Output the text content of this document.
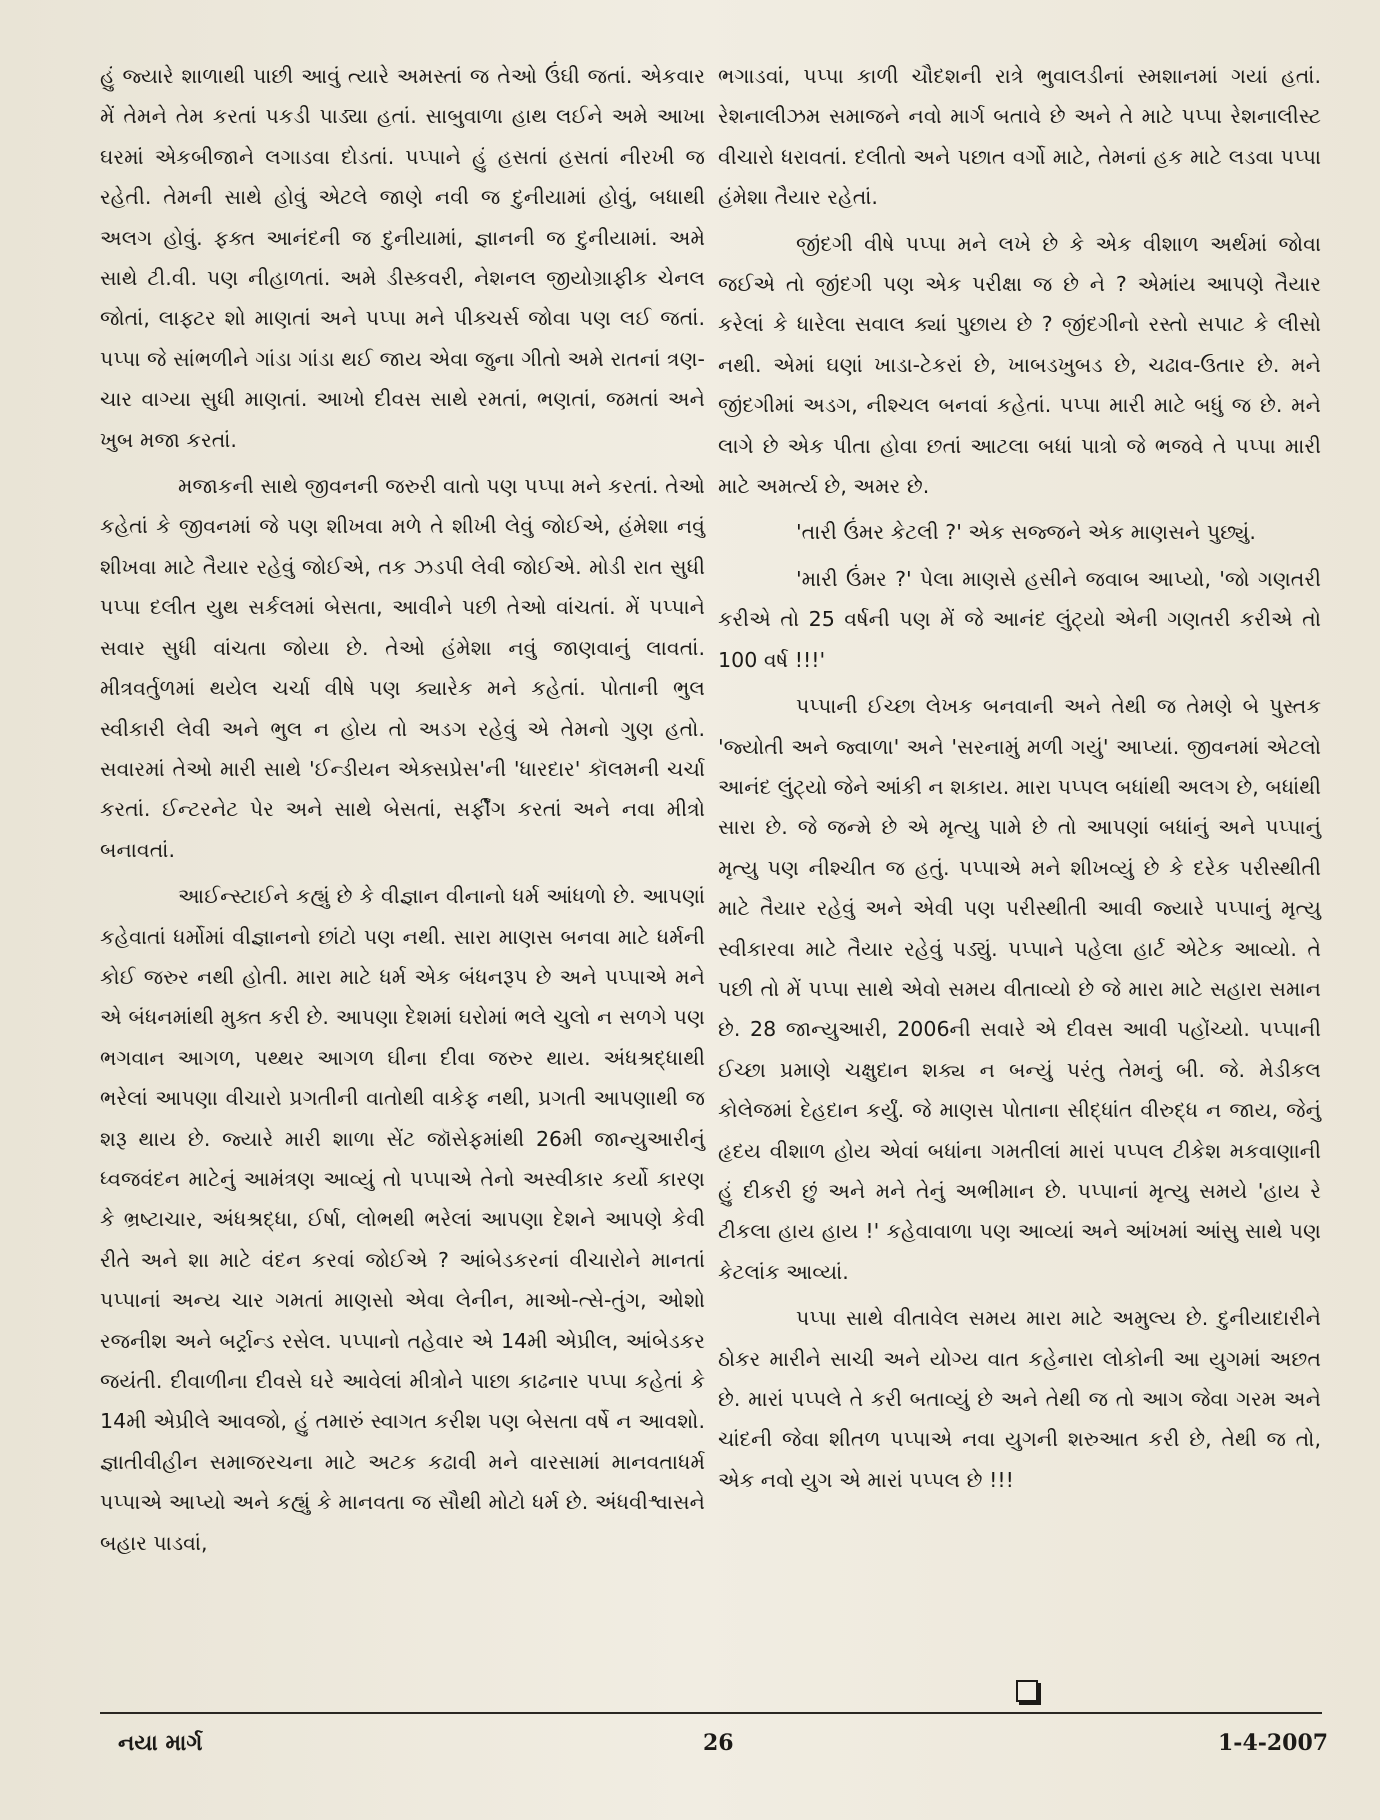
હું જ્યારે શાળાથી પાછી આવું ત્યારે અમસ્તાં જ તેઓ ઉંઘી જતાં. એકવાર મેં તેમને તેમ કરતાં પકડી પાડ્યા હતાં. સાબુવાળા હાથ લઈને અમે આખા ઘરમાં એકબીજાને લગાડવા દોડતાં. પપ્પાને હું હસતાં હસતાં નીરખી જ રહેતી. તેમની સાથે હોવું એટલે જાણે નવી જ દુનીયામાં હોવું, બધાથી અલગ હોવું. ફક્ત આનંદની જ દુનીયામાં, જ્ઞાનની જ દુનીયામાં. અમે સાથે ટી.વી. પણ નીહાળતાં. અમે ડીસ્કવરી, નેશનલ જીયોગ્રાફીક ચેનલ જોતાં, લાફ્ટર શો માણતાં અને પપ્પા મને પીક્ચર્સ જોવા પણ લઈ જતાં. પપ્પા જે સાંભળીને ગાંડા ગાંડા થઈ જાય એવા જુના ગીતો અમે રાતનાં ત્રણ-ચાર વાગ્યા સુધી માણતાં. આખો દીવસ સાથે રમતાં, ભણતાં, જમતાં અને ખુબ મજા કરતાં.

મજાકની સાથે જીવનની જરુરી વાતો પણ પપ્પા મને કરતાં. તેઓ કહેતાં કે જીવનમાં જે પણ શીખવા મળે તે શીખી લેવું જોઈએ, હંમેશા નવું શીખવા માટે તૈયાર રહેવું જોઈએ, તક ઝડપી લેવી જોઈએ. મોડી રાત સુધી પપ્પા દલીત યુથ સર્કલમાં બેસતા, આવીને પછી તેઓ વાંચતાં. મેં પપ્પાને સવાર સુધી વાંચતા જોયા છે. તેઓ હંમેશા નવું જાણવાનું લાવતાં. મીત્રવર્તુળમાં થયેલ ચર્ચા વીષે પણ ક્યારેક મને કહેતાં. પોતાની ભુલ સ્વીકારી લેવી અને ભુલ ન હોય તો અડગ રહેવું એ તેમનો ગુણ હતો. સવારમાં તેઓ મારી સાથે 'ઈન્ડીયન એક્સપ્રેસ'ની 'ધારદાર' કૉલમની ચર્ચા કરતાં. ઈન્ટરનેટ પેર અને સાથે બેસતાં, સર્ફીંગ કરતાં અને નવા મીત્રો બનાવતાં.

આઈન્સ્ટાઈને કહ્યું છે કે વીજ્ઞાન વીનાનો ધર્મ આંધળો છે. આપણાં કહેવાતાં ધર્મોમાં વીજ્ઞાનનો છાંટો પણ નથી. સારા માણસ બનવા માટે ધર્મની કોઈ જરુર નથી હોતી. મારા માટે ધર્મ એક બંધનરૂપ છે અને પપ્પાએ મને એ બંધનમાંથી મુક્ત કરી છે. આપણા દેશમાં ઘરોમાં ભલે ચુલો ન સળગે પણ ભગવાન આગળ, પથ્થર આગળ ઘીના દીવા જરુર થાય. અંધશ્રદ્ધાથી ભરેલાં આપણા વીચારો પ્રગતીની વાતોથી વાકેફ નથી, પ્રગતી આપણાથી જ શરૂ થાય છે. જ્યારે મારી શાળા સેંટ જૉસેફમાંથી 26મી જાન્યુઆરીનું ધ્વજવંદન માટેનું આમંત્રણ આવ્યું તો પપ્પાએ તેનો અસ્વીકાર કર્યો કારણ કે ભ્રષ્ટાચાર, અંધશ્રદ્ધા, ઈર્ષા, લોભથી ભરેલાં આપણા દેશને આપણે કેવી રીતે અને શા માટે વંદન કરવાં જોઈએ ? આંબેડકરનાં વીચારોને માનતાં પપ્પાનાં અન્ય ચાર ગમતાં માણસો એવા લેનીન, માઓ-ત્સે-તુંગ, ઓશો રજનીશ અને બર્ટ્રાન્ડ રસેલ. પપ્પાનો તહેવાર એ 14મી એપ્રીલ, આંબેડકર જયંતી. દીવાળીના દીવસે ઘરે આવેલાં મીત્રોને પાછા કાઢનાર પપ્પા કહેતાં કે 14મી એપ્રીલે આવજો, હું તમારું સ્વાગત કરીશ પણ બેસતા વર્ષે ન આવશો. જ્ઞાતીવીહીન સમાજરચના માટે અટક કઢાવી મને વારસામાં માનવતાધર્મ પપ્પાએ આપ્યો અને કહ્યું કે માનવતા જ સૌથી મોટો ધર્મ છે. અંધવીશ્વાસને બહાર પાડવાં,

ભગાડવાં, પપ્પા કાળી ચૌદશની રાત્રે ભુવાલડીનાં સ્મશાનમાં ગયાં હતાં. રેશનાલીઝમ સમાજને નવો માર્ગ બતાવે છે અને તે માટે પપ્પા રેશનાલીસ્ટ વીચારો ધરાવતાં. દલીતો અને પછાત વર્ગો માટે, તેમનાં હક માટે લડવા પપ્પા હંમેશા તૈયાર રહેતાં.

જીંદગી વીષે પપ્પા મને લખે છે કે એક વીશાળ અર્થમાં જોવા જઈએ તો જીંદગી પણ એક પરીક્ષા જ છે ને ? એમાંય આપણે તૈયાર કરેલાં કે ધારેલા સવાલ ક્યાં પુછાય છે ? જીંદગીનો રસ્તો સપાટ કે લીસો નથી. એમાં ઘણાં ખાડા-ટેકરાં છે, ખાબડખુબડ છે, ચઢાવ-ઉતાર છે. મને જીંદગીમાં અડગ, નીશ્ચલ બનવાં કહેતાં. પપ્પા મારી માટે બધું જ છે. મને લાગે છે એક પીતા હોવા છતાં આટલા બધાં પાત્રો જે ભજવે તે પપ્પા મારી માટે અમર્ત્ય છે, અમર છે.

'તારી ઉંમર કેટલી ?' એક સજ્જને એક માણસને પુછ્યું.

'મારી ઉંમર ?' પેલા માણસે હસીને જવાબ આપ્યો, 'જો ગણતરી કરીએ તો 25 વર્ષની પણ મેં જે આનંદ લુંટ્યો એની ગણતરી કરીએ તો 100 વર્ષ !!!'

પપ્પાની ઈચ્છા લેખક બનવાની અને તેથી જ તેમણે બે પુસ્તક 'જ્યોતી અને જ્વાળા' અને 'સરનામું મળી ગયું' આપ્યાં. જીવનમાં એટલો આનંદ લુંટ્યો જેને આંકી ન શકાય. મારા પપ્પલ બધાંથી અલગ છે, બધાંથી સારા છે. જે જન્મે છે એ મૃત્યુ પામે છે તો આપણાં બધાંનું અને પપ્પાનું મૃત્યુ પણ નીશ્ચીત જ હતું. પપ્પાએ મને શીખવ્યું છે કે દરેક પરીસ્થીતી માટે તૈયાર રહેવું અને એવી પણ પરીસ્થીતી આવી જ્યારે પપ્પાનું મૃત્યુ સ્વીકારવા માટે તૈયાર રહેવું પડ્યું. પપ્પાને પહેલા હાર્ટ એટેક આવ્યો. તે પછી તો મેં પપ્પા સાથે એવો સમય વીતાવ્યો છે જે મારા માટે સહારા સમાન છે. 28 જાન્યુઆરી, 2006ની સવારે એ દીવસ આવી પહોંચ્યો. પપ્પાની ઈચ્છા પ્રમાણે ચક્ષુદાન શક્ય ન બન્યું પરંતુ તેમનું બી. જે. મેડીકલ કોલેજમાં દેહદાન કર્યું. જે માણસ પોતાના સીદ્ધાંત વીરુદ્ધ ન જાય, જેનું હૃદય વીશાળ હોય એવાં બધાંના ગમતીલાં મારાં પપ્પલ ટીકેશ મકવાણાની હું દીકરી છું અને મને તેનું અભીમાન છે. પપ્પાનાં મૃત્યુ સમયે 'હાય રે ટીકલા હાય હાય !' કહેવાવાળા પણ આવ્યાં અને આંખમાં આંસુ સાથે પણ કેટલાંક આવ્યાં.

પપ્પા સાથે વીતાવેલ સમય મારા માટે અમુલ્ય છે. દુનીયાદારીને ઠોકર મારીને સાચી અને યોગ્ય વાત કહેનારા લોકોની આ યુગમાં અછત છે. મારાં પપ્પલે તે કરી બતાવ્યું છે અને તેથી જ તો આગ જેવા ગરમ અને ચાંદની જેવા શીતળ પપ્પાએ નવા યુગની શરુઆત કરી છે, તેથી જ તો, એક નવો યુગ એ મારાં પપ્પલ છે !!!

નયા માર્ગ	26	1-4-2007
